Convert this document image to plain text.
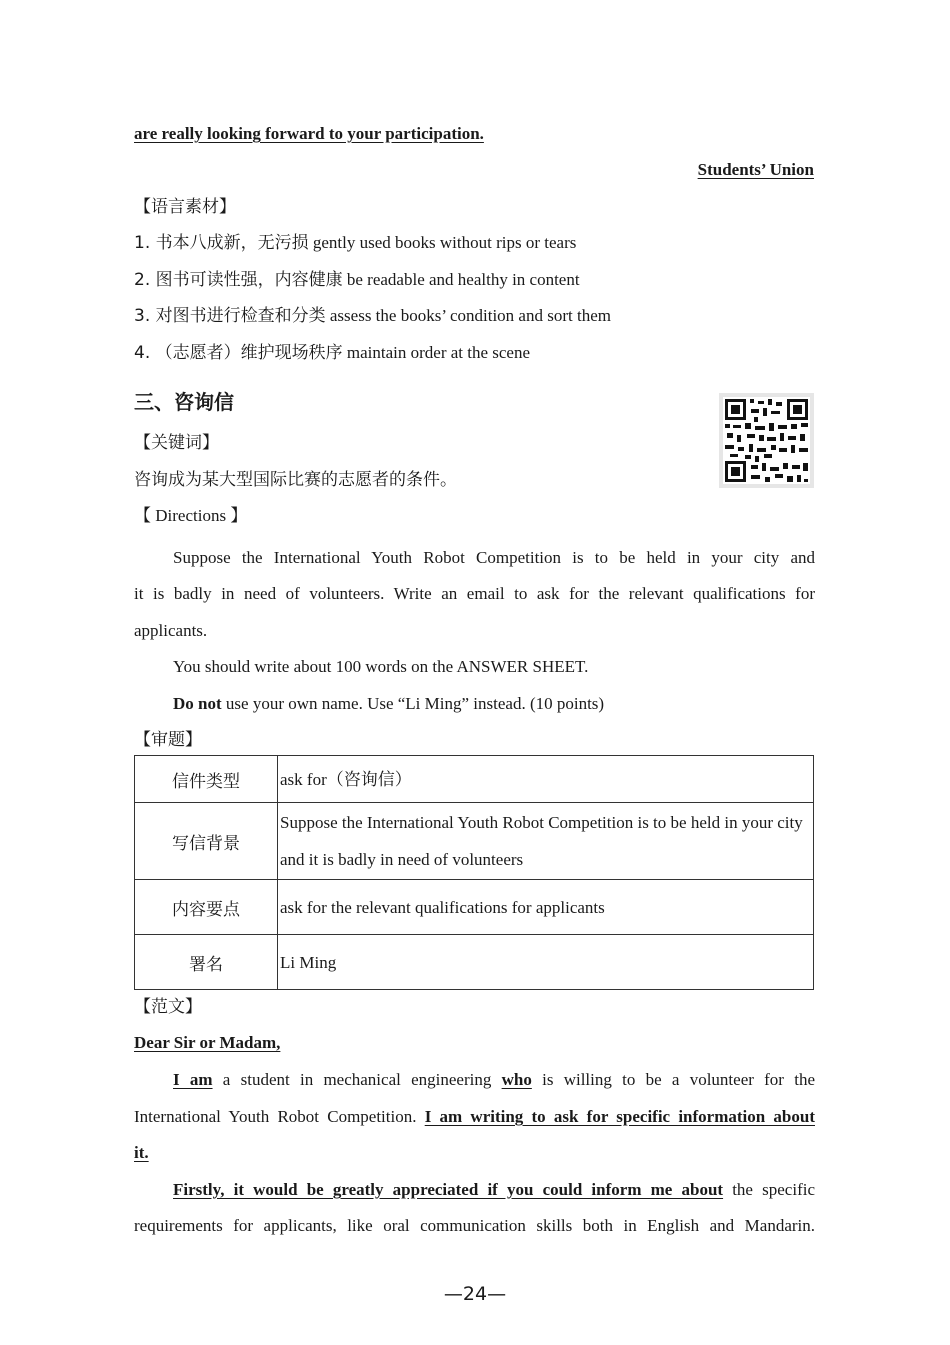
are really looking forward to your participation.
Students’ Union
【语言素材】
1. 书本八成新，无污损 gently used books without rips or tears
2. 图书可读性强，内容健康 be readable and healthy in content
3. 对图书进行检查和分类 assess the books’ condition and sort them
4. （志愿者）维护现场秩序 maintain order at the scene
三、咨询信
【关键词】
咨询成为某大型国际比赛的志愿者的条件。
【 Directions 】
Suppose the International Youth Robot Competition is to be held in your city and
it is badly in need of volunteers. Write an email to ask for the relevant qualifications for
applicants.
You should write about 100 words on the ANSWER SHEET.
Do not use your own name. Use “Li Ming” instead. (10 points)
【审题】
信件类型	ask for（咨询信）
写信背景	Suppose the International Youth Robot Competition is to be held in your city and it is badly in need of volunteers
内容要点	ask for the relevant qualifications for applicants
署名	Li Ming
【范文】
Dear Sir or Madam,
I am a student in mechanical engineering who is willing to be a volunteer for the
International Youth Robot Competition. I am writing to ask for specific information about
it.
Firstly, it would be greatly appreciated if you could inform me about the specific
requirements for applicants, like oral communication skills both in English and Mandarin.
—24—
